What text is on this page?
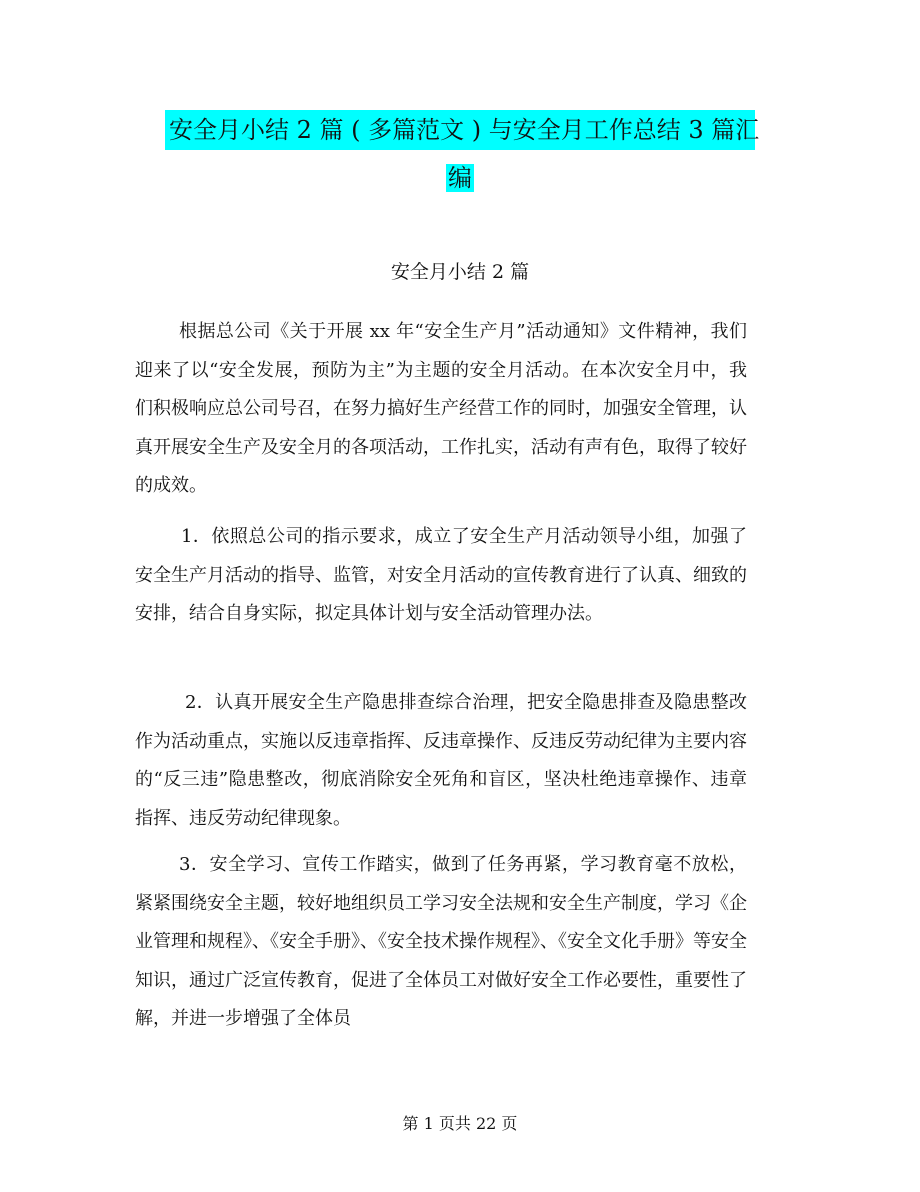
安全月小结 2 篇 ( 多篇范文 ) 与安全月工作总结 3 篇汇
编
安全月小结 2 篇

根据总公司《关于开展 xx 年“安全生产月”活动通知》文件精神，我们迎来了以“安全发展，预防为主”为主题的安全月活动。在本次安全月中，我们积极响应总公司号召，在努力搞好生产经营工作的同时，加强安全管理，认真开展安全生产及安全月的各项活动，工作扎实，活动有声有色，取得了较好的成效。

1．依照总公司的指示要求，成立了安全生产月活动领导小组，加强了安全生产月活动的指导、监管，对安全月活动的宣传教育进行了认真、细致的安排，结合自身实际，拟定具体计划与安全活动管理办法。

2．认真开展安全生产隐患排查综合治理，把安全隐患排查及隐患整改作为活动重点，实施以反违章指挥、反违章操作、反违反劳动纪律为主要内容的“反三违”隐患整改，彻底消除安全死角和盲区，坚决杜绝违章操作、违章指挥、违反劳动纪律现象。

3．安全学习、宣传工作踏实，做到了任务再紧，学习教育毫不放松，紧紧围绕安全主题，较好地组织员工学习安全法规和安全生产制度，学习《企业管理和规程》、《安全手册》、《安全技术操作规程》、《安全文化手册》等安全知识，通过广泛宣传教育，促进了全体员工对做好安全工作必要性，重要性了解，并进一步增强了全体员

第 1 页共 22 页
